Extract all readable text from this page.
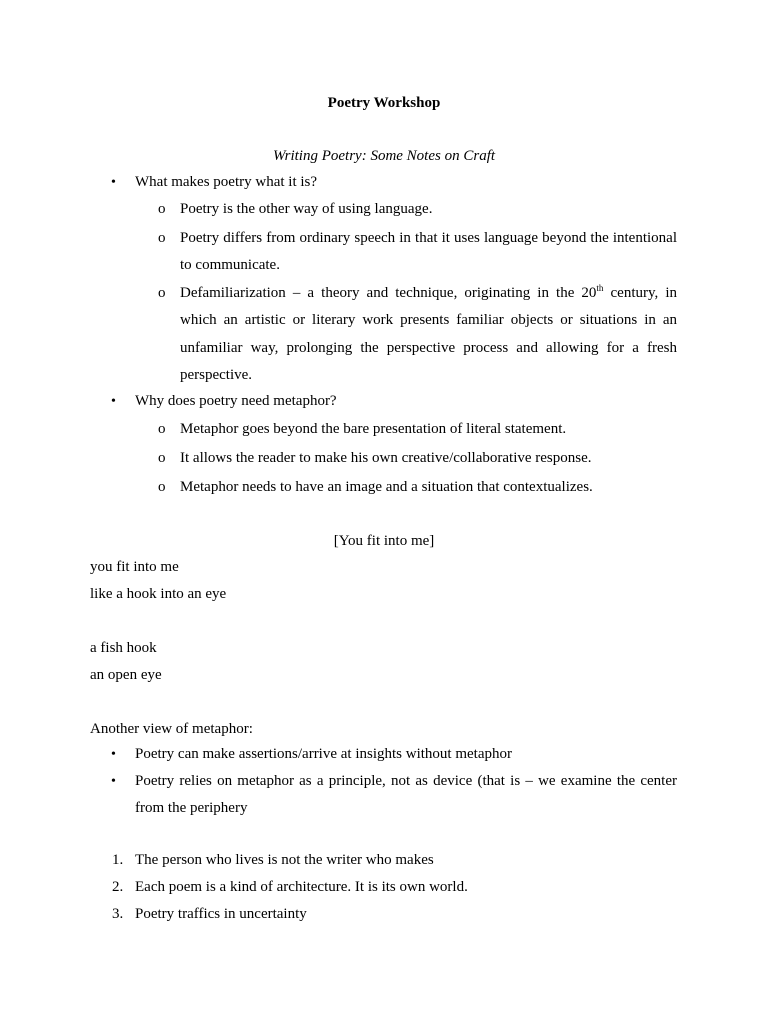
Poetry Workshop
Writing Poetry: Some Notes on Craft
• What makes poetry what it is?
o Poetry is the other way of using language.
o Poetry differs from ordinary speech in that it uses language beyond the intentional to communicate.
o Defamiliarization – a theory and technique, originating in the 20th century, in which an artistic or literary work presents familiar objects or situations in an unfamiliar way, prolonging the perspective process and allowing for a fresh perspective.
• Why does poetry need metaphor?
o Metaphor goes beyond the bare presentation of literal statement.
o It allows the reader to make his own creative/collaborative response.
o Metaphor needs to have an image and a situation that contextualizes.
[You fit into me]
you fit into me
like a hook into an eye
a fish hook
an open eye
Another view of metaphor:
• Poetry can make assertions/arrive at insights without metaphor
• Poetry relies on metaphor as a principle, not as device (that is – we examine the center from the periphery
1. The person who lives is not the writer who makes
2. Each poem is a kind of architecture. It is its own world.
3. Poetry traffics in uncertainty
